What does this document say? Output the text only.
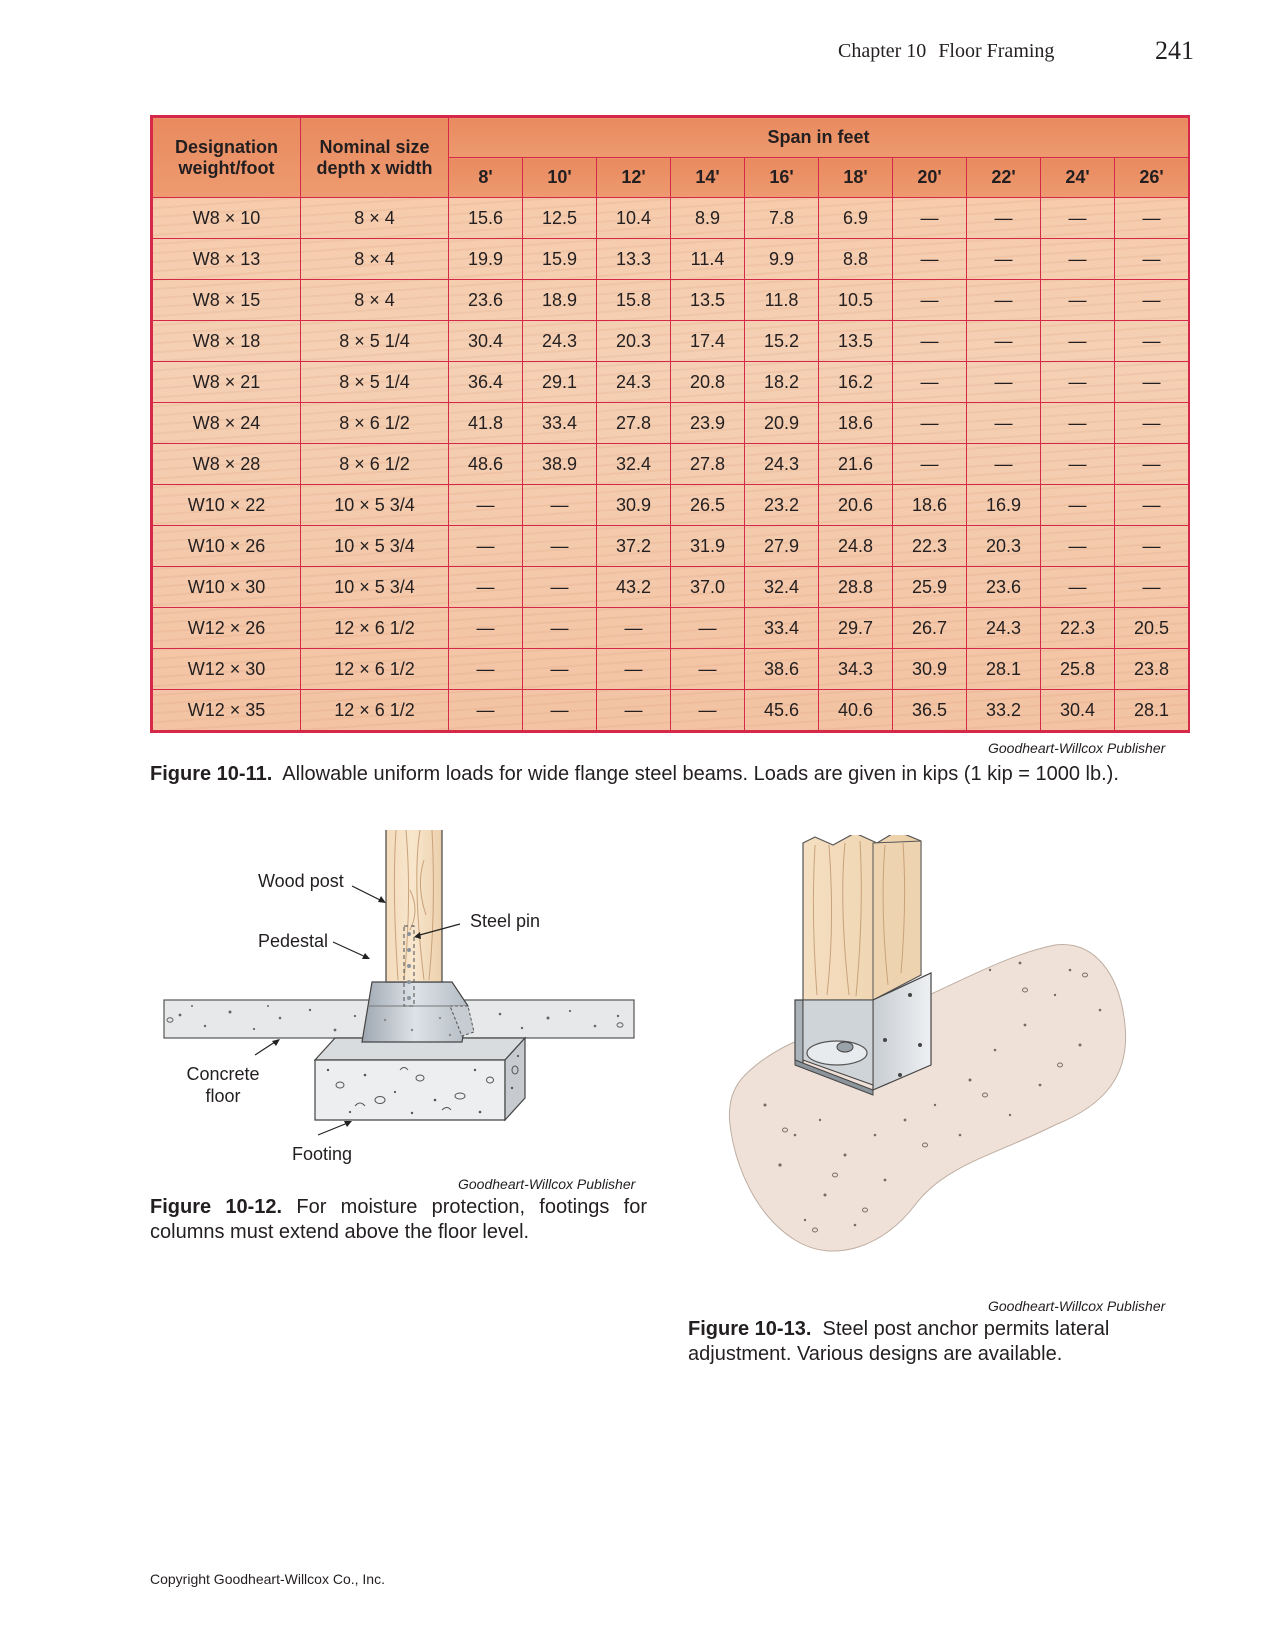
Chapter 10 Floor Framing	241
Designation weight/foot	Nominal size depth x width	Span in feet									
		8'	10'	12'	14'	16'	18'	20'	22'	24'	26'
W8 × 10	8 × 4	15.6	12.5	10.4	8.9	7.8	6.9	—	—	—	—
W8 × 13	8 × 4	19.9	15.9	13.3	11.4	9.9	8.8	—	—	—	—
W8 × 15	8 × 4	23.6	18.9	15.8	13.5	11.8	10.5	—	—	—	—
W8 × 18	8 × 5 1/4	30.4	24.3	20.3	17.4	15.2	13.5	—	—	—	—
W8 × 21	8 × 5 1/4	36.4	29.1	24.3	20.8	18.2	16.2	—	—	—	—
W8 × 24	8 × 6 1/2	41.8	33.4	27.8	23.9	20.9	18.6	—	—	—	—
W8 × 28	8 × 6 1/2	48.6	38.9	32.4	27.8	24.3	21.6	—	—	—	—
W10 × 22	10 × 5 3/4	—	—	30.9	26.5	23.2	20.6	18.6	16.9	—	—
W10 × 26	10 × 5 3/4	—	—	37.2	31.9	27.9	24.8	22.3	20.3	—	—
W10 × 30	10 × 5 3/4	—	—	43.2	37.0	32.4	28.8	25.9	23.6	—	—
W12 × 26	12 × 6 1/2	—	—	—	—	33.4	29.7	26.7	24.3	22.3	20.5
W12 × 30	12 × 6 1/2	—	—	—	—	38.6	34.3	30.9	28.1	25.8	23.8
W12 × 35	12 × 6 1/2	—	—	—	—	45.6	40.6	36.5	33.2	30.4	28.1
Goodheart-Willcox Publisher
Figure 10-11. Allowable uniform loads for wide flange steel beams. Loads are given in kips (1 kip = 1000 lb.).
Wood post
Steel pin
Pedestal
Concrete
floor
Footing
Goodheart-Willcox Publisher
Figure 10-12. For moisture protection, footings for columns must extend above the floor level.
Goodheart-Willcox Publisher
Figure 10-13. Steel post anchor permits lateral adjustment. Various designs are available.
Copyright Goodheart-Willcox Co., Inc.
